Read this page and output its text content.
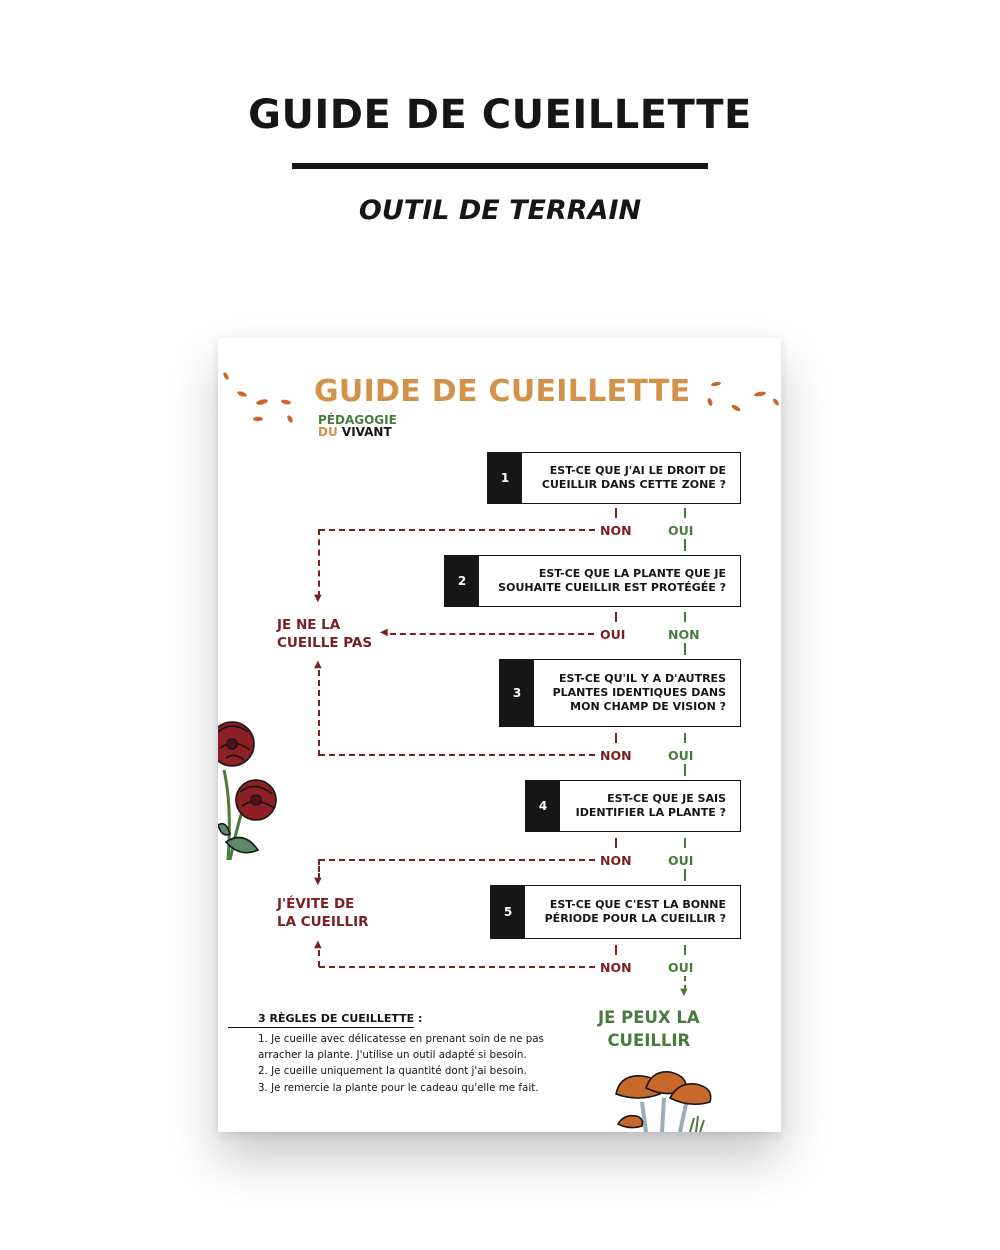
GUIDE DE CUEILLETTE
OUTIL DE TERRAIN
GUIDE DE CUEILLETTE
PÉDAGOGIE
DU VIVANT
1
EST-CE QUE J'AI LE DROIT DE CUEILLIR DANS CETTE ZONE ?
NON	OUI
▼
2
EST-CE QUE LA PLANTE QUE JE SOUHAITE CUEILLIR EST PROTÉGÉE ?
OUI	NON
◀
JE NE LA
CUEILLE PAS
▲
3
EST-CE QU'IL Y A D'AUTRES PLANTES IDENTIQUES DANS MON CHAMP DE VISION ?
NON	OUI
4
EST-CE QUE JE SAIS IDENTIFIER LA PLANTE ?
NON	OUI
▼
J'ÉVITE DE
LA CUEILLIR
▲
5
EST-CE QUE C'EST LA BONNE PÉRIODE POUR LA CUEILLIR ?
NON	OUI
▼
JE PEUX LA
CUEILLIR
3 RÈGLES DE CUEILLETTE :
1. Je cueille avec délicatesse en prenant soin de ne pas arracher la plante. J'utilise un outil adapté si besoin.
2. Je cueille uniquement la quantité dont j'ai besoin.
3. Je remercie la plante pour le cadeau qu'elle me fait.
